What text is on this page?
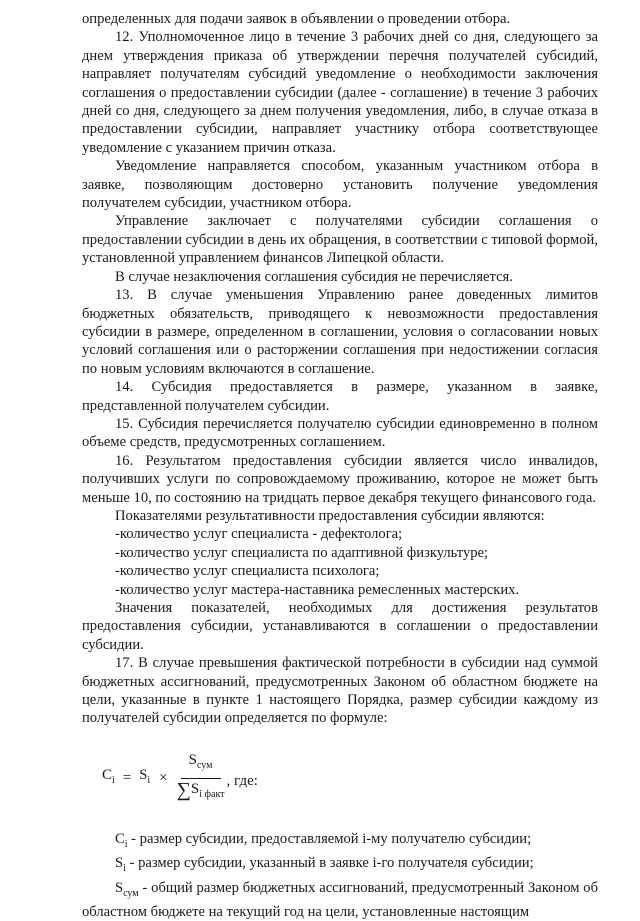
определенных для подачи заявок в объявлении о проведении отбора.

12. Уполномоченное лицо в течение 3 рабочих дней со дня, следующего за днем утверждения приказа об утверждении перечня получателей субсидий, направляет получателям субсидий уведомление о необходимости заключения соглашения о предоставлении субсидии (далее - соглашение) в течение 3 рабочих дней со дня, следующего за днем получения уведомления, либо, в случае отказа в предоставлении субсидии, направляет участнику отбора соответствующее уведомление с указанием причин отказа.

Уведомление направляется способом, указанным участником отбора в заявке, позволяющим достоверно установить получение уведомления получателем субсидии, участником отбора.

Управление заключает с получателями субсидии соглашения о предоставлении субсидии в день их обращения, в соответствии с типовой формой, установленной управлением финансов Липецкой области.

В случае незаключения соглашения субсидия не перечисляется.

13. В случае уменьшения Управлению ранее доведенных лимитов бюджетных обязательств, приводящего к невозможности предоставления субсидии в размере, определенном в соглашении, условия о согласовании новых условий соглашения или о расторжении соглашения при недостижении согласия по новым условиям включаются в соглашение.

14. Субсидия предоставляется в размере, указанном в заявке, представленной получателем субсидии.

15. Субсидия перечисляется получателю субсидии единовременно в полном объеме средств, предусмотренных соглашением.

16. Результатом предоставления субсидии является число инвалидов, получивших услуги по сопровождаемому проживанию, которое не может быть меньше 10, по состоянию на тридцать первое декабря текущего финансового года.

Показателями результативности предоставления субсидии являются:

-количество услуг специалиста - дефектолога;

-количество услуг специалиста по адаптивной физкультуре;

-количество услуг специалиста психолога;

-количество услуг мастера-наставника ремесленных мастерских.

Значения показателей, необходимых для достижения результатов предоставления субсидии, устанавливаются в соглашении о предоставлении субсидии.

17. В случае превышения фактической потребности в субсидии над суммой бюджетных ассигнований, предусмотренных Законом об областном бюджете на цели, указанные в пункте 1 настоящего Порядка, размер субсидии каждому из получателей субсидии определяется по формуле:

$C_i = S_i \times \frac{S_{сум}}{\sum S_{i факт}}$ , где:

$C_i$ - размер субсидии, предоставляемой i-му получателю субсидии;

$S_i$ - размер субсидии, указанный в заявке i-го получателя субсидии;

$S_{сум}$ - общий размер бюджетных ассигнований, предусмотренный Законом об областном бюджете на текущий год на цели, установленные настоящим
